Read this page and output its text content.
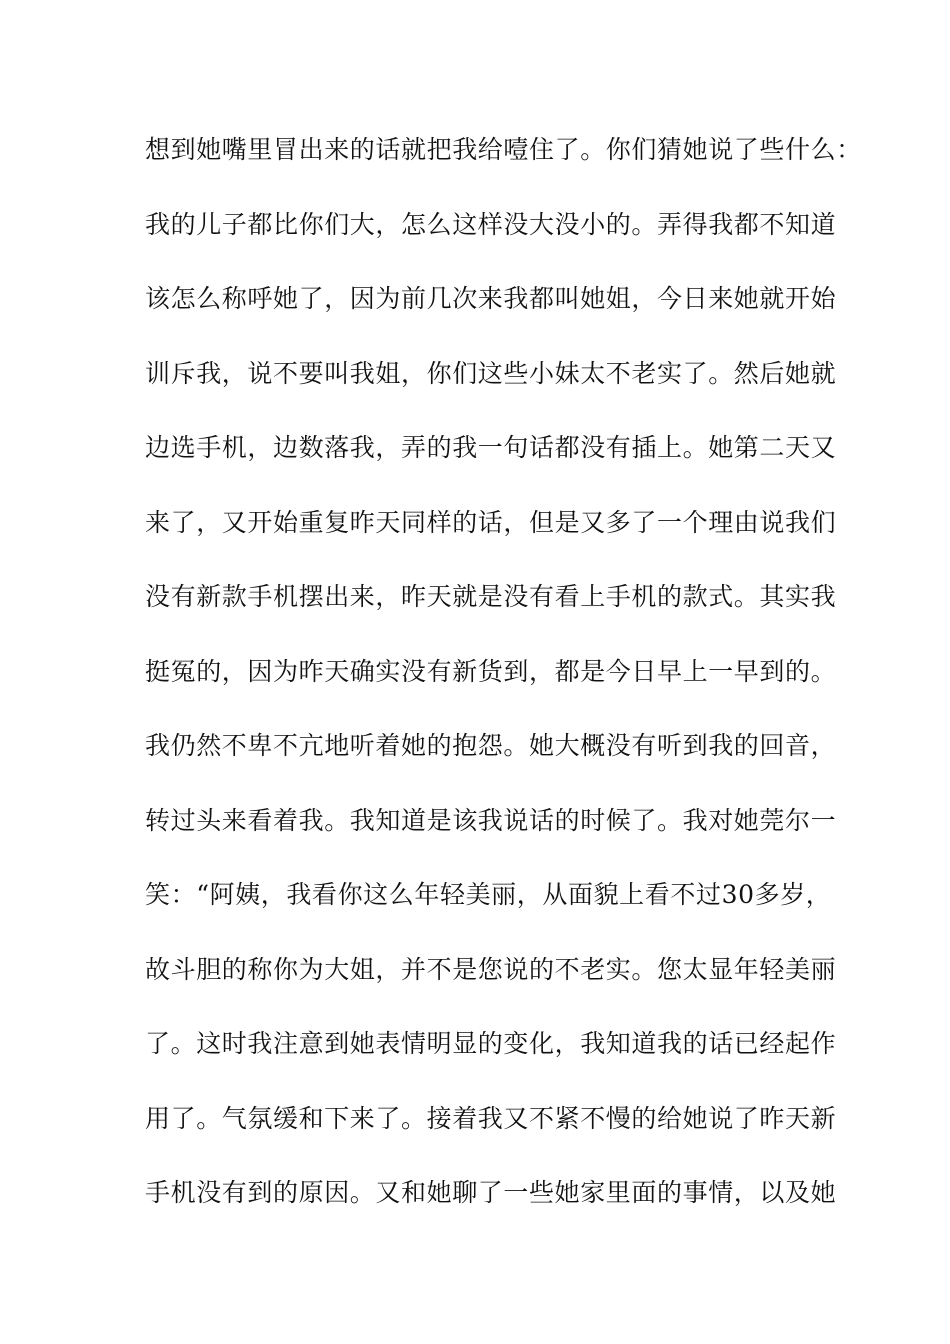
想到她嘴里冒出来的话就把我给噎住了。你们猜她说了些什么：
我的儿子都比你们大，怎么这样没大没小的。弄得我都不知道
该怎么称呼她了，因为前几次来我都叫她姐，今日来她就开始
训斥我，说不要叫我姐，你们这些小妹太不老实了。然后她就
边选手机，边数落我，弄的我一句话都没有插上。她第二天又
来了，又开始重复昨天同样的话，但是又多了一个理由说我们
没有新款手机摆出来，昨天就是没有看上手机的款式。其实我
挺冤的，因为昨天确实没有新货到，都是今日早上一早到的。
我仍然不卑不亢地听着她的抱怨。她大概没有听到我的回音，
转过头来看着我。我知道是该我说话的时候了。我对她莞尔一
笑：“阿姨，我看你这么年轻美丽，从面貌上看不过30多岁，
故斗胆的称你为大姐，并不是您说的不老实。您太显年轻美丽
了。这时我注意到她表情明显的变化，我知道我的话已经起作
用了。气氛缓和下来了。接着我又不紧不慢的给她说了昨天新
手机没有到的原因。又和她聊了一些她家里面的事情，以及她
